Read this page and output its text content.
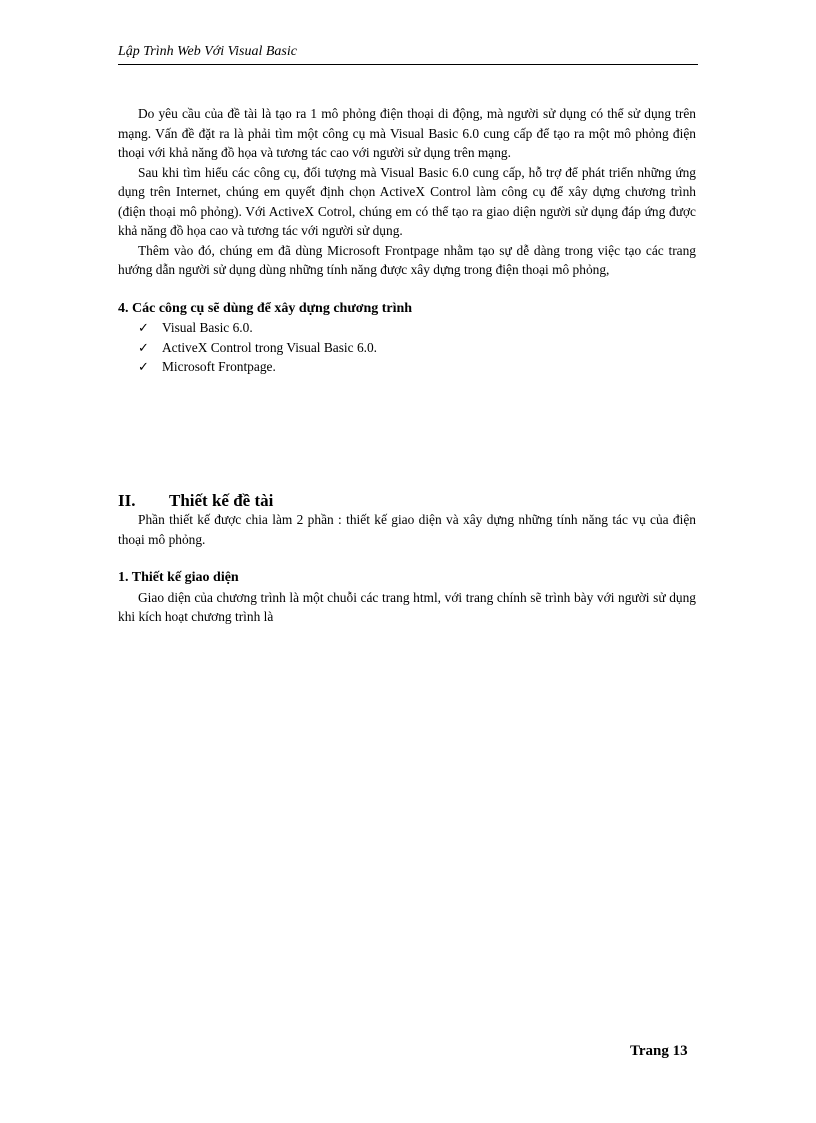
Lập Trình Web Với Visual Basic

Do yêu cầu của đề tài là tạo ra 1 mô phỏng điện thoại di động, mà người sử dụng có thể sử dụng trên mạng. Vấn đề đặt ra là phải tìm một công cụ mà Visual Basic 6.0 cung cấp để tạo ra một mô phỏng điện thoại với khả năng đồ họa và tương tác cao với người sử dụng trên mạng.

Sau khi tìm hiểu các công cụ, đối tượng mà Visual Basic 6.0 cung cấp, hỗ trợ để phát triển những ứng dụng trên Internet, chúng em quyết định chọn ActiveX Control làm công cụ để xây dựng chương trình (điện thoại mô phỏng). Với ActiveX Cotrol, chúng em có thể tạo ra giao diện người sử dụng đáp ứng được khả năng đồ họa cao và tương tác với người sử dụng.

Thêm vào đó, chúng em đã dùng Microsoft Frontpage nhằm tạo sự dễ dàng trong việc tạo các trang hướng dẫn người sử dụng dùng những tính năng được xây dựng trong điện thoại mô phỏng,

4. Các công cụ sẽ dùng để xây dựng chương trình
✓ Visual Basic 6.0.
✓ ActiveX Control trong Visual Basic 6.0.
✓ Microsoft Frontpage.
II.	Thiết kế đề tài

Phần thiết kế được chia làm 2 phần : thiết kế giao diện và xây dựng những tính năng tác vụ của điện thoại mô phỏng.

1. Thiết kế giao diện

Giao diện của chương trình là một chuỗi các trang html, với trang chính sẽ trình bày với người sử dụng khi kích hoạt chương trình là

Trang 13
